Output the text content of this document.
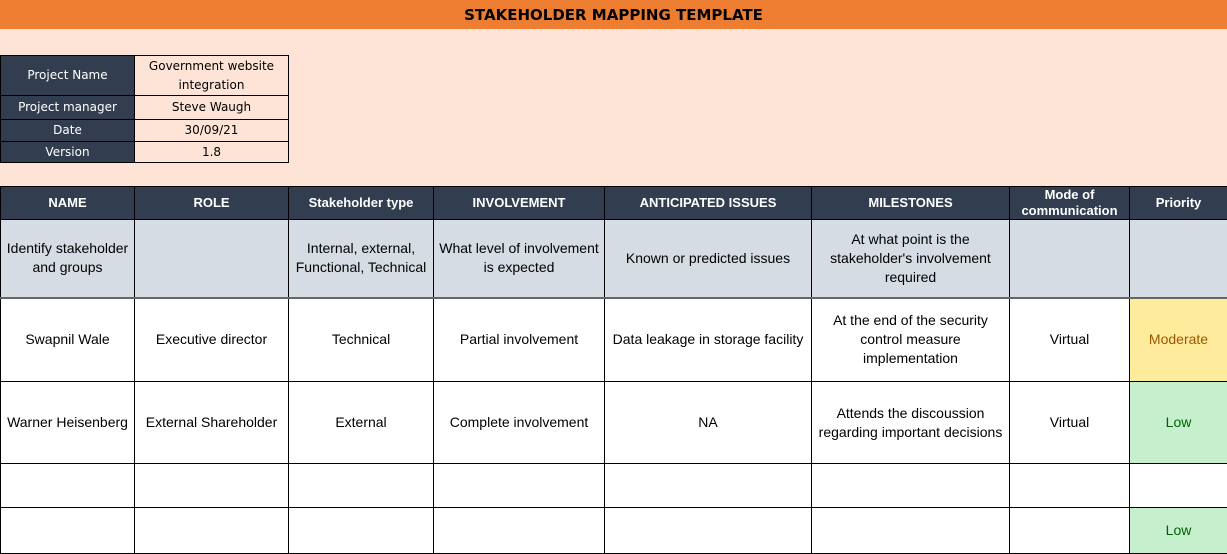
STAKEHOLDER MAPPING TEMPLATE
Project Name	Government website integration
Project manager	Steve Waugh
Date	30/09/21
Version	1.8
NAME	ROLE	Stakeholder type	INVOLVEMENT	ANTICIPATED ISSUES	MILESTONES	Mode of communication	Priority
Identify stakeholder and groups		Internal, external, Functional, Technical	What level of involvement is expected	Known or predicted issues	At what point is the stakeholder's involvement required		
Swapnil Wale	Executive director	Technical	Partial involvement	Data leakage in storage facility	At the end of the security control measure implementation	Virtual	Moderate
Warner Heisenberg	External Shareholder	External	Complete involvement	NA	Attends the discoussion regarding important decisions	Virtual	Low

							Low
